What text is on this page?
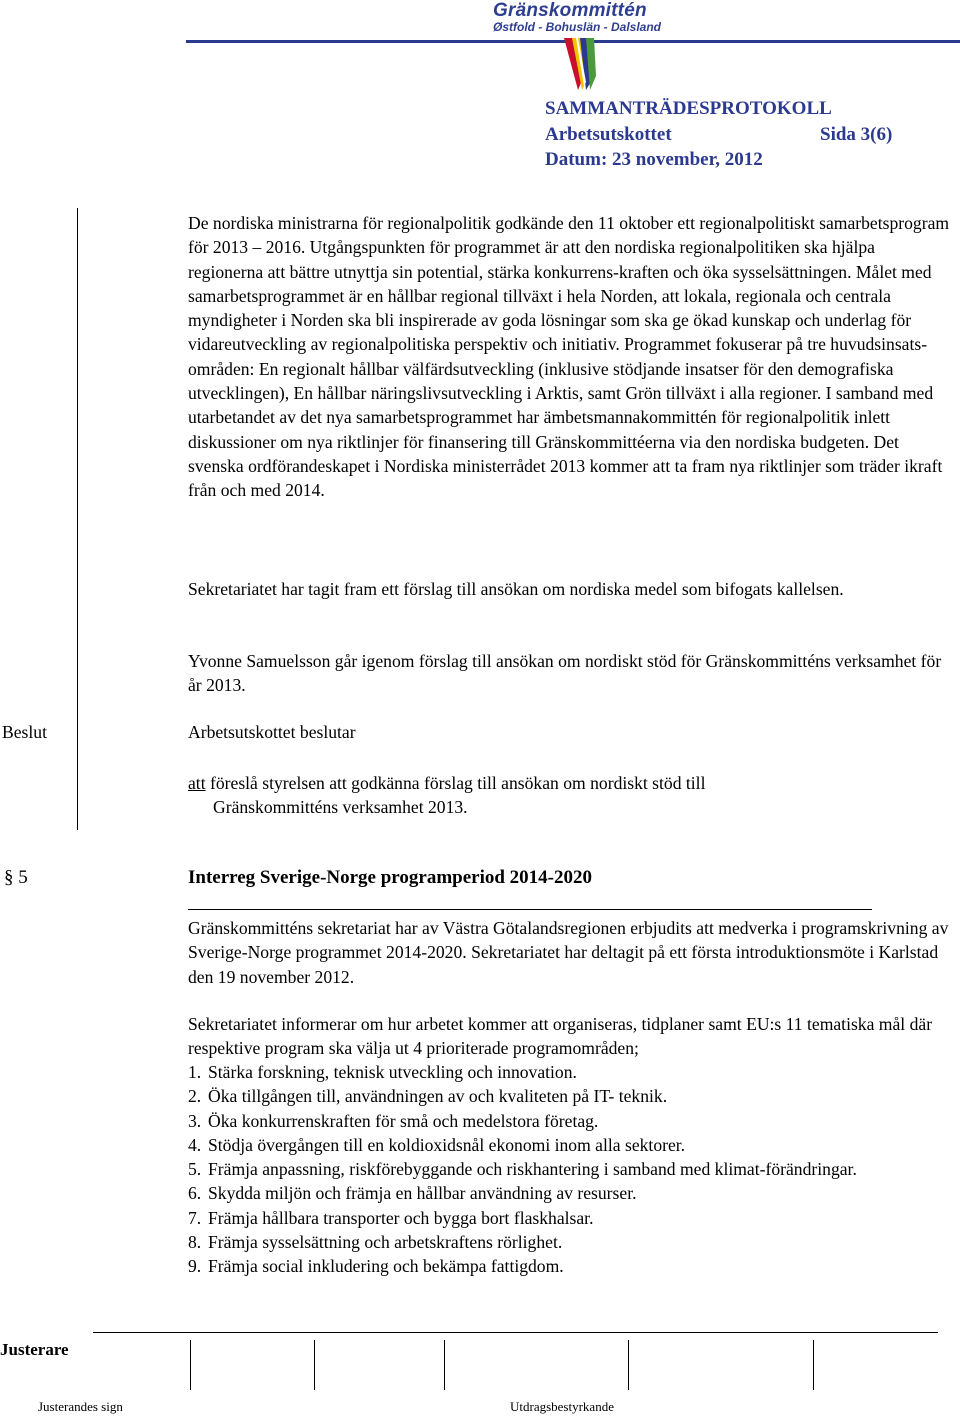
Gränskommittén
Østfold - Bohuslän - Dalsland
SAMMANTRÄDESPROTOKOLL
Arbetsutskottet	Sida 3(6)
Datum: 23 november, 2012

De nordiska ministrarna för regionalpolitik godkände den 11 oktober ett regionalpolitiskt samarbetsprogram för 2013 – 2016. Utgångspunkten för programmet är att den nordiska regionalpolitiken ska hjälpa regionerna att bättre utnyttja sin potential, stärka konkurrens-kraften och öka sysselsättningen. Målet med samarbetsprogrammet är en hållbar regional tillväxt i hela Norden, att lokala, regionala och centrala myndigheter i Norden ska bli inspirerade av goda lösningar som ska ge ökad kunskap och underlag för vidareutveckling av regionalpolitiska perspektiv och initiativ. Programmet fokuserar på tre huvudsinsats-områden: En regionalt hållbar välfärdsutveckling (inklusive stödjande insatser för den demografiska utvecklingen), En hållbar näringslivsutveckling i Arktis, samt Grön tillväxt i alla regioner. I samband med utarbetandet av det nya samarbetsprogrammet har ämbetsmannakommittén för regionalpolitik inlett diskussioner om nya riktlinjer för finansering till Gränskommittéerna via den nordiska budgeten. Det svenska ordförandeskapet i Nordiska ministerrådet 2013 kommer att ta fram nya riktlinjer som träder ikraft från och med 2014.

Sekretariatet har tagit fram ett förslag till ansökan om nordiska medel som bifogats kallelsen.

Yvonne Samuelsson går igenom förslag till ansökan om nordiskt stöd för Gränskommitténs verksamhet för år 2013.

Beslut	Arbetsutskottet beslutar
att föreslå styrelsen att godkänna förslag till ansökan om nordiskt stöd till
Gränskommitténs verksamhet 2013.
§ 5	Interreg Sverige-Norge programperiod 2014-2020

Gränskommitténs sekretariat har av Västra Götalandsregionen erbjudits att medverka i programskrivning av Sverige-Norge programmet 2014-2020. Sekretariatet har deltagit på ett första introduktionsmöte i Karlstad den 19 november 2012.

Sekretariatet informerar om hur arbetet kommer att organiseras, tidplaner samt EU:s 11 tematiska mål där respektive program ska välja ut 4 prioriterade programområden;

1. Stärka forskning, teknisk utveckling och innovation.
2. Öka tillgången till, användningen av och kvaliteten på IT- teknik.
3. Öka konkurrenskraften för små och medelstora företag.
4. Stödja övergången till en koldioxidsnål ekonomi inom alla sektorer.
5. Främja anpassning, riskförebyggande och riskhantering i samband med klimat-förändringar.
6. Skydda miljön och främja en hållbar användning av resurser.
7. Främja hållbara transporter och bygga bort flaskhalsar.
8. Främja sysselsättning och arbetskraftens rörlighet.
9. Främja social inkludering och bekämpa fattigdom.
Justerare
Justerandes sign	Utdragsbestyrkande
